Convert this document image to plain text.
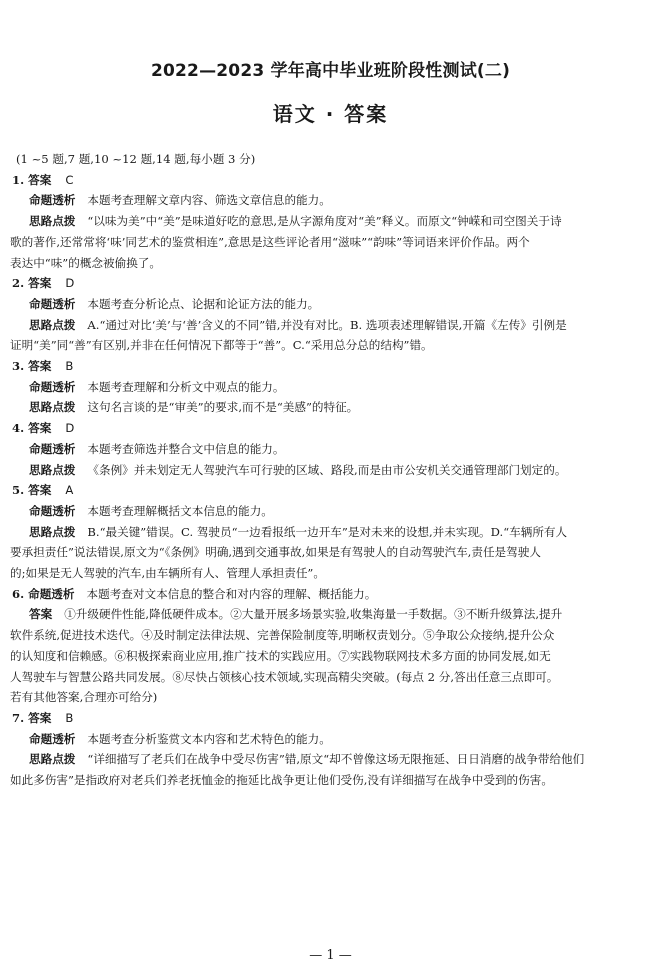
2022—2023 学年高中毕业班阶段性测试(二)
语文 · 答案
(1 ~5 题,7 题,10 ~12 题,14 题,每小题 3 分)
1. 答案 C
命题透析 本题考查理解文章内容、筛选文章信息的能力。
思路点拨 “以味为美”中“美”是味道好吃的意思,是从字源角度对“美”释义。而原文“钟嵘和司空图关于诗
歌的著作,还常常将‘味’同艺术的鉴赏相连”,意思是这些评论者用“滋味”“韵味”等词语来评价作品。两个
表达中“味”的概念被偷换了。
2. 答案 D
命题透析 本题考查分析论点、论据和论证方法的能力。
思路点拨 A.“通过对比‘美’与‘善’含义的不同”错,并没有对比。B. 选项表述理解错误,开篇《左传》引例是
证明“美”同“善”有区别,并非在任何情况下都等于“善”。C.“采用总分总的结构”错。
3. 答案 B
命题透析 本题考查理解和分析文中观点的能力。
思路点拨 这句名言谈的是“审美”的要求,而不是“美感”的特征。
4. 答案 D
命题透析 本题考查筛选并整合文中信息的能力。
思路点拨 《条例》并未划定无人驾驶汽车可行驶的区域、路段,而是由市公安机关交通管理部门划定的。
5. 答案 A
命题透析 本题考查理解概括文本信息的能力。
思路点拨 B.“最关键”错误。C. 驾驶员“一边看报纸一边开车”是对未来的设想,并未实现。D.“车辆所有人
要承担责任”说法错误,原文为“《条例》明确,遇到交通事故,如果是有驾驶人的自动驾驶汽车,责任是驾驶人
的;如果是无人驾驶的汽车,由车辆所有人、管理人承担责任”。
6. 命题透析 本题考查对文本信息的整合和对内容的理解、概括能力。
答案 ①升级硬件性能,降低硬件成本。②大量开展多场景实验,收集海量一手数据。③不断升级算法,提升
软件系统,促进技术迭代。④及时制定法律法规、完善保险制度等,明晰权责划分。⑤争取公众接纳,提升公众
的认知度和信赖感。⑥积极探索商业应用,推广技术的实践应用。⑦实践物联网技术多方面的协同发展,如无
人驾驶车与智慧公路共同发展。⑧尽快占领核心技术领域,实现高精尖突破。(每点 2 分,答出任意三点即可。
若有其他答案,合理亦可给分)
7. 答案 B
命题透析 本题考查分析鉴赏文本内容和艺术特色的能力。
思路点拨 “详细描写了老兵们在战争中受尽伤害”错,原文“却不曾像这场无限拖延、日日消磨的战争带给他们
如此多伤害”是指政府对老兵们养老抚恤金的拖延比战争更让他们受伤,没有详细描写在战争中受到的伤害。
— 1 —
